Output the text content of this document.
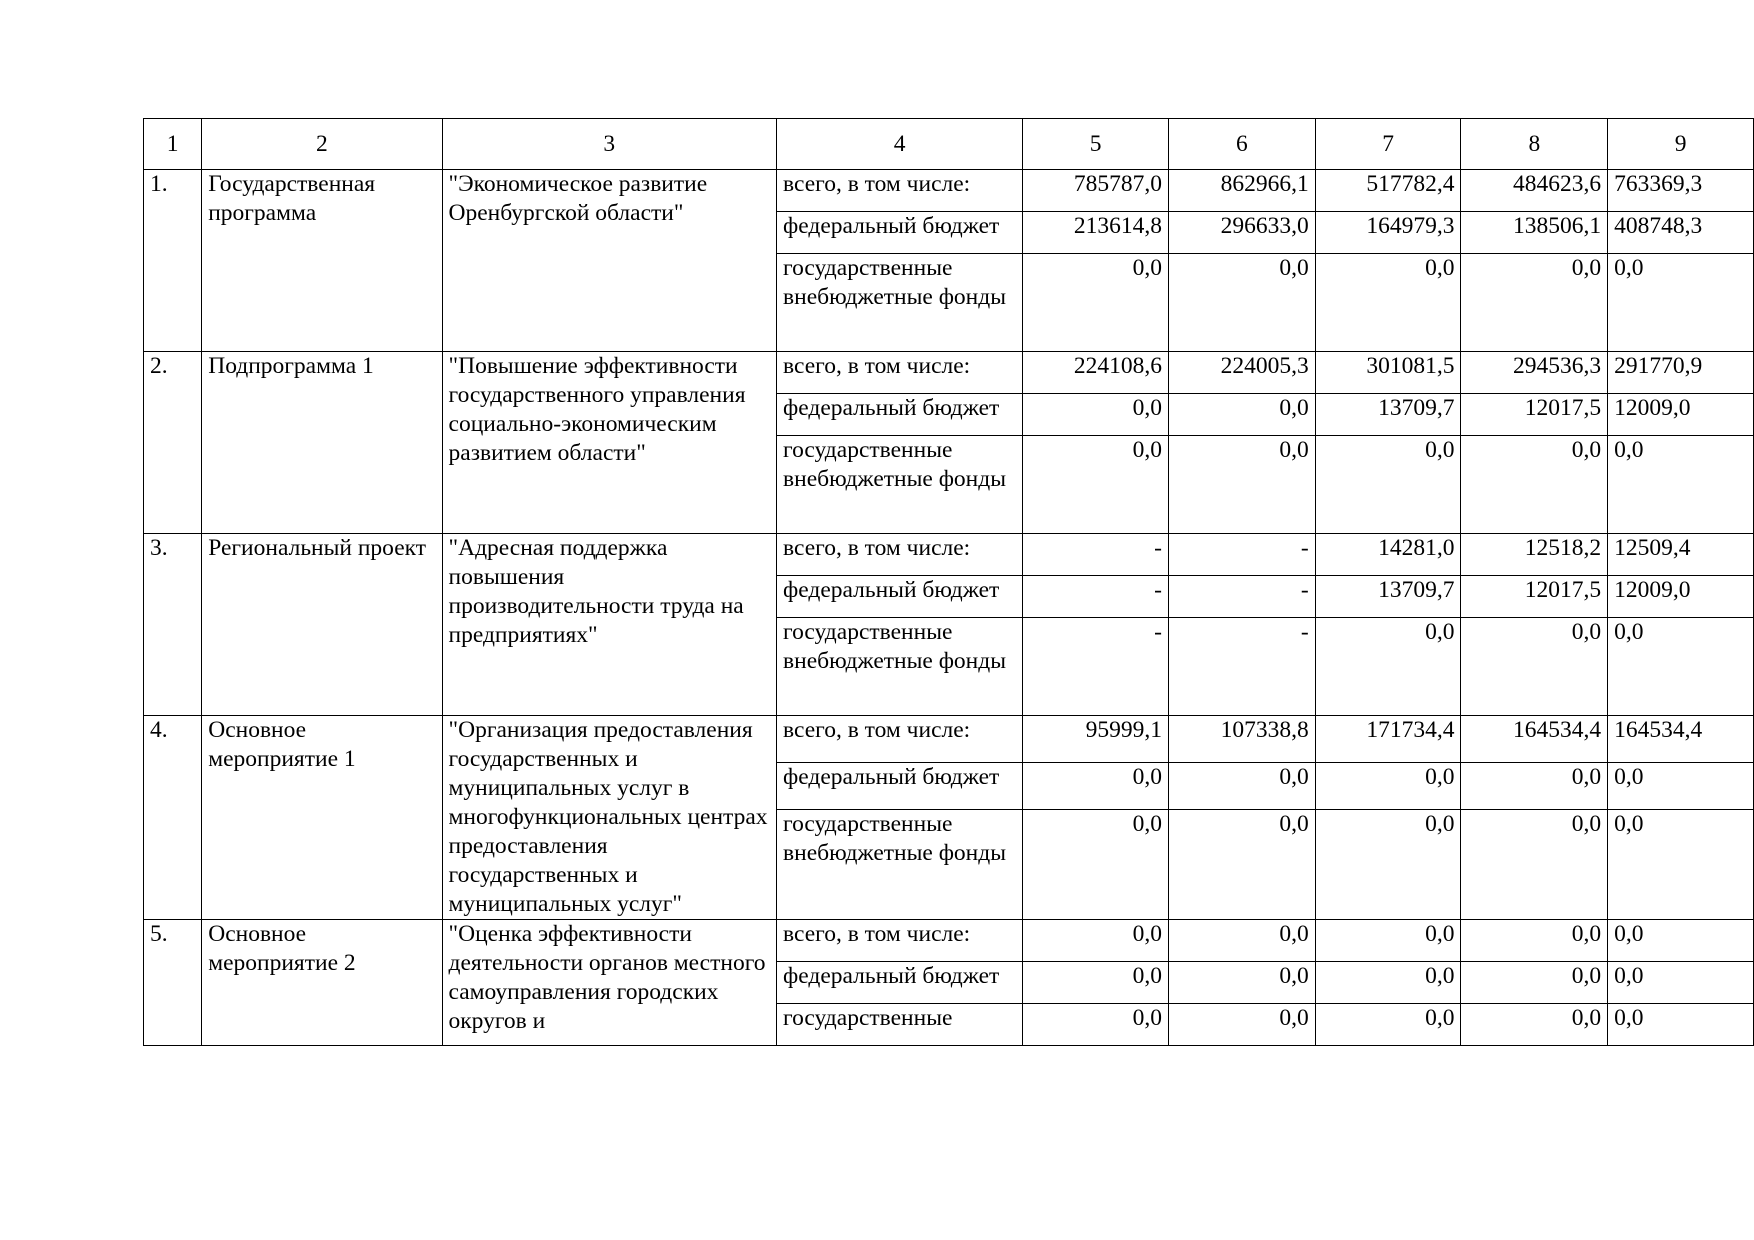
1	2	3	4	5	6	7	8	9
1.	Государственная программа	"Экономическое развитие Оренбургской области"	всего, в том числе:	785787,0	862966,1	517782,4	484623,6	763369,3
			федеральный бюджет	213614,8	296633,0	164979,3	138506,1	408748,3
			государственные внебюджетные фонды	0,0	0,0	0,0	0,0	0,0
2.	Подпрограмма 1	"Повышение эффективности государственного управления социально-экономическим развитием области"	всего, в том числе:	224108,6	224005,3	301081,5	294536,3	291770,9
			федеральный бюджет	0,0	0,0	13709,7	12017,5	12009,0
			государственные внебюджетные фонды	0,0	0,0	0,0	0,0	0,0
3.	Региональный проект	"Адресная поддержка повышения производительности труда на предприятиях"	всего, в том числе:	-	-	14281,0	12518,2	12509,4
			федеральный бюджет	-	-	13709,7	12017,5	12009,0
			государственные внебюджетные фонды	-	-	0,0	0,0	0,0
4.	Основное мероприятие 1	"Организация предоставления государственных и муниципальных услуг в многофункциональных центрах предоставления государственных и муниципальных услуг"	всего, в том числе:	95999,1	107338,8	171734,4	164534,4	164534,4
			федеральный бюджет	0,0	0,0	0,0	0,0	0,0
			государственные внебюджетные фонды	0,0	0,0	0,0	0,0	0,0
5.	Основное мероприятие 2	"Оценка эффективности деятельности органов местного самоуправления городских округов и	всего, в том числе:	0,0	0,0	0,0	0,0	0,0
			федеральный бюджет	0,0	0,0	0,0	0,0	0,0
			государственные	0,0	0,0	0,0	0,0	0,0
